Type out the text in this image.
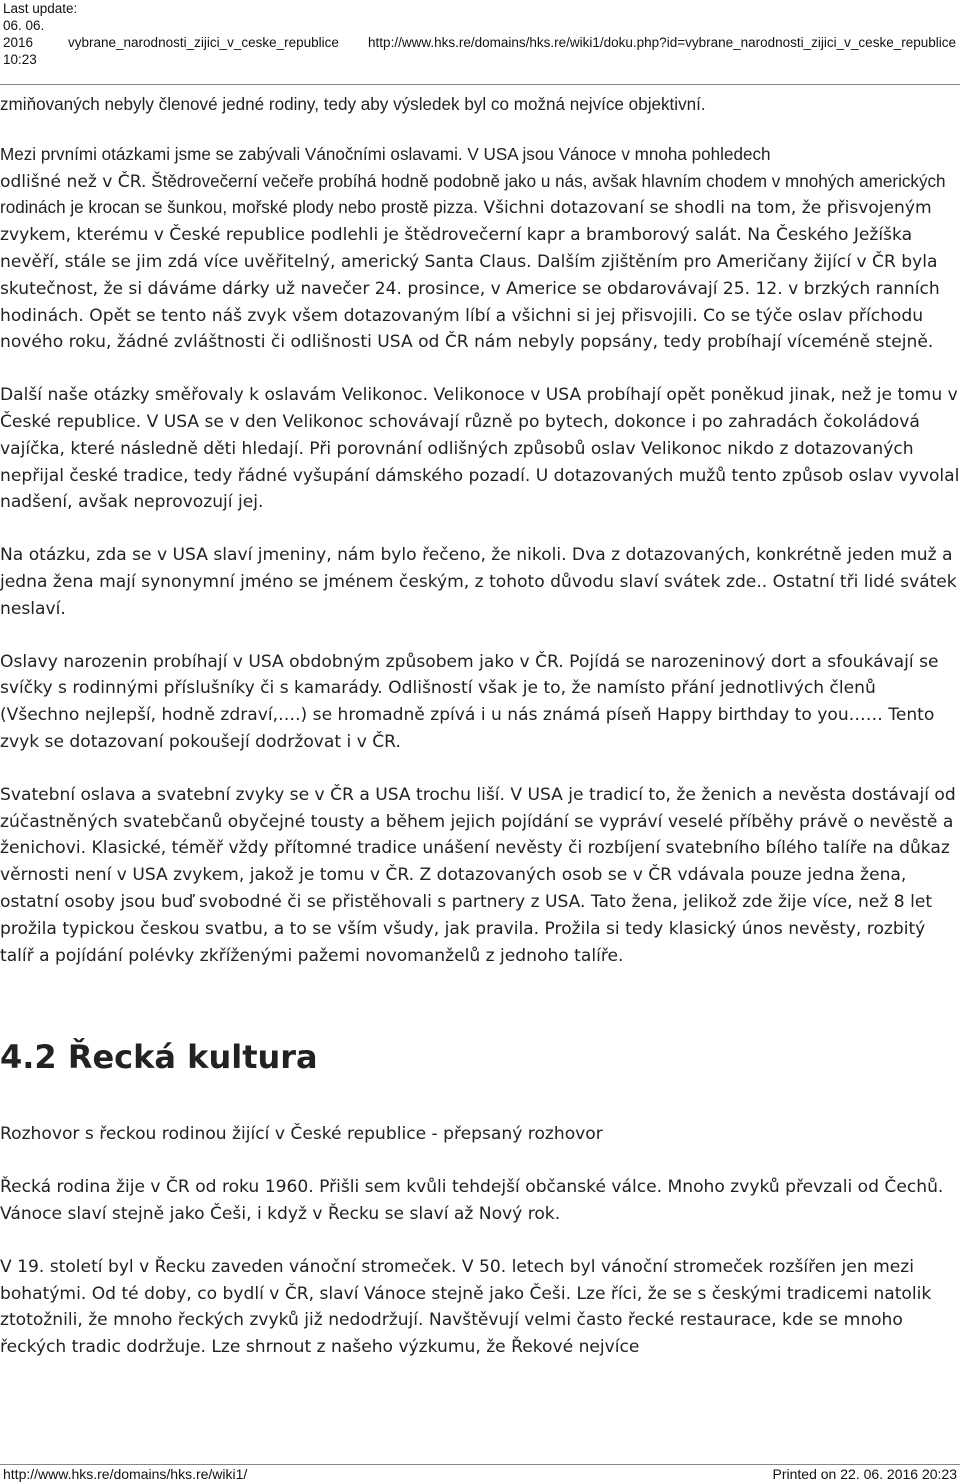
Last update:
06. 06.
2016
10:23
vybrane_narodnosti_zijici_v_ceske_republice http://www.hks.re/domains/hks.re/wiki1/doku.php?id=vybrane_narodnosti_zijici_v_ceske_republice

zmiňovaných nebyly členové jedné rodiny, tedy aby výsledek byl co možná nejvíce objektivní.

Mezi prvními otázkami jsme se zabývali Vánočními oslavami. V USA jsou Vánoce v mnoha pohledech
odlišné než v ČR. Štědrovečerní večeře probíhá hodně podobně jako u nás, avšak hlavním chodem v mnohých amerických rodinách je krocan se šunkou, mořské plody nebo prostě pizza. Všichni dotazovaní se shodli na tom, že přisvojeným zvykem, kterému v České republice podlehli je štědrovečerní kapr a bramborový salát. Na Českého Ježíška nevěří, stále se jim zdá více uvěřitelný, americký Santa Claus. Dalším zjištěním pro Američany žijící v ČR byla skutečnost, že si dáváme dárky už navečer 24. prosince, v Americe se obdarovávají 25. 12. v brzkých ranních hodinách. Opět se tento náš zvyk všem dotazovaným líbí a všichni si jej přisvojili. Co se týče oslav příchodu nového roku, žádné zvláštnosti či odlišnosti USA od ČR nám nebyly popsány, tedy probíhají víceméně stejně.

Další naše otázky směřovaly k oslavám Velikonoc. Velikonoce v USA probíhají opět poněkud jinak, než je tomu v České republice. V USA se v den Velikonoc schovávají různě po bytech, dokonce i po zahradách čokoládová vajíčka, které následně děti hledají. Při porovnání odlišných způsobů oslav Velikonoc nikdo z dotazovaných nepřijal české tradice, tedy řádné vyšupání dámského pozadí. U dotazovaných mužů tento způsob oslav vyvolal nadšení, avšak neprovozují jej.

Na otázku, zda se v USA slaví jmeniny, nám bylo řečeno, že nikoli. Dva z dotazovaných, konkrétně jeden muž a jedna žena mají synonymní jméno se jménem českým, z tohoto důvodu slaví svátek zde.. Ostatní tři lidé svátek neslaví.

Oslavy narozenin probíhají v USA obdobným způsobem jako v ČR. Pojídá se narozeninový dort a sfoukávají se svíčky s rodinnými příslušníky či s kamarády. Odlišností však je to, že namísto přání jednotlivých členů (Všechno nejlepší, hodně zdraví,….) se hromadně zpívá i u nás známá píseň Happy birthday to you…… Tento zvyk se dotazovaní pokoušejí dodržovat i v ČR.

Svatební oslava a svatební zvyky se v ČR a USA trochu liší. V USA je tradicí to, že ženich a nevěsta dostávají od zúčastněných svatebčanů obyčejné tousty a během jejich pojídání se vypráví veselé příběhy právě o nevěstě a ženichovi. Klasické, téměř vždy přítomné tradice unášení nevěsty či rozbíjení svatebního bílého talíře na důkaz věrnosti není v USA zvykem, jakož je tomu v ČR. Z dotazovaných osob se v ČR vdávala pouze jedna žena, ostatní osoby jsou buď svobodné či se přistěhovali s partnery z USA. Tato žena, jelikož zde žije více, než 8 let prožila typickou českou svatbu, a to se vším všudy, jak pravila. Prožila si tedy klasický únos nevěsty, rozbitý talíř a pojídání polévky zkříženými pažemi novomanželů z jednoho talíře.

4.2 Řecká kultura

Rozhovor s řeckou rodinou žijící v České republice - přepsaný rozhovor

Řecká rodina žije v ČR od roku 1960. Přišli sem kvůli tehdejší občanské válce. Mnoho zvyků převzali od Čechů. Vánoce slaví stejně jako Češi, i když v Řecku se slaví až Nový rok.

V 19. století byl v Řecku zaveden vánoční stromeček. V 50. letech byl vánoční stromeček rozšířen jen mezi bohatými. Od té doby, co bydlí v ČR, slaví Vánoce stejně jako Češi. Lze říci, že se s českými tradicemi natolik ztotožnili, že mnoho řeckých zvyků již nedodržují. Navštěvují velmi často řecké restaurace, kde se mnoho řeckých tradic dodržuje. Lze shrnout z našeho výzkumu, že Řekové nejvíce

http://www.hks.re/domains/hks.re/wiki1/	Printed on 22. 06. 2016 20:23
